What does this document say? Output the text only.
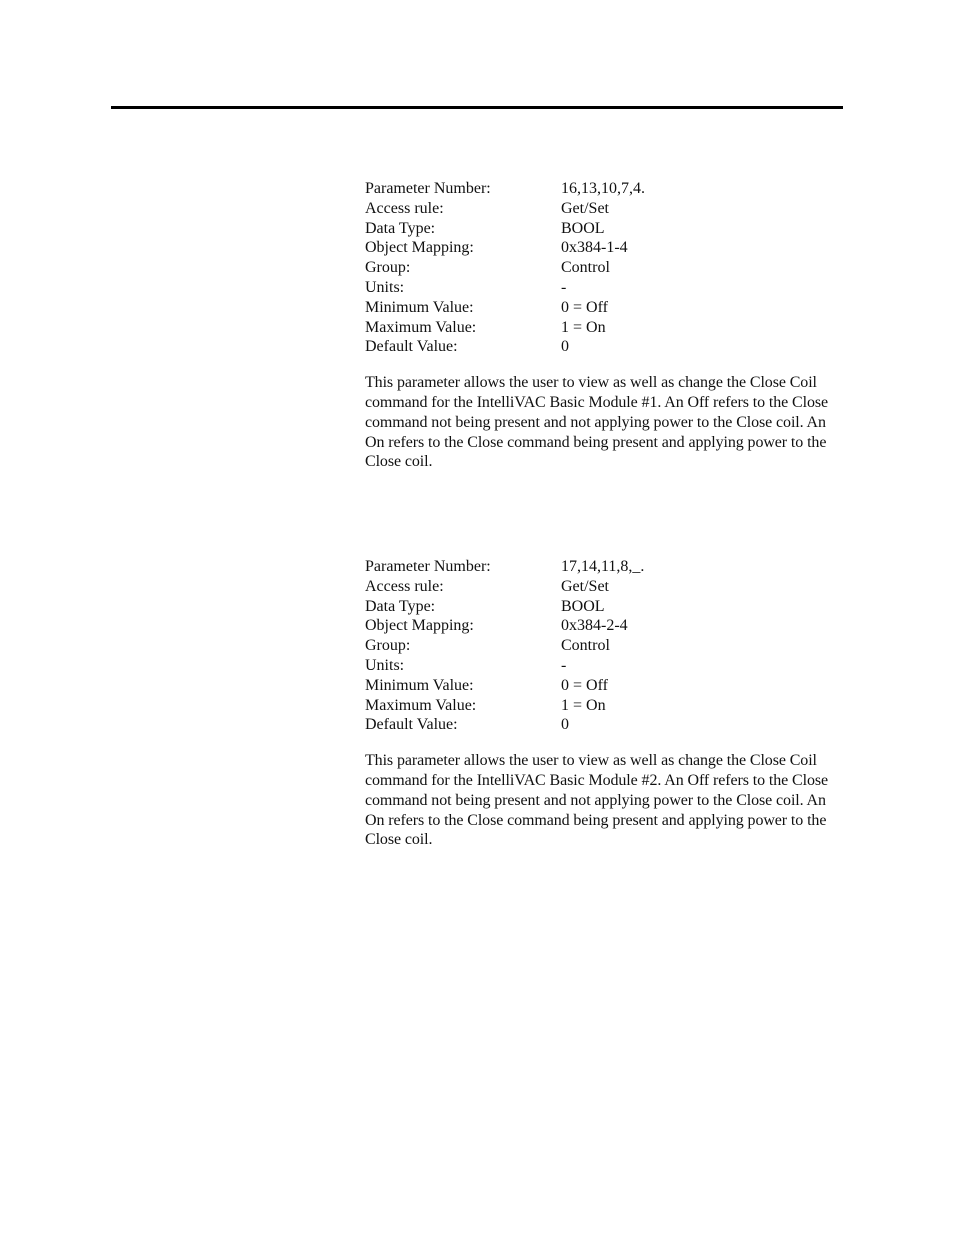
Parameter Number:	16,13,10,7,4.
Access rule:	Get/Set
Data Type:	BOOL
Object Mapping:	0x384-1-4
Group:	Control
Units:	-
Minimum Value:	0 = Off
Maximum Value:	1 = On
Default Value:	0

This parameter allows the user to view as well as change the Close Coil command for the IntelliVAC Basic Module #1. An Off refers to the Close command not being present and not applying power to the Close coil. An On refers to the Close command being present and applying power to the Close coil.

Parameter Number:	17,14,11,8,_.
Access rule:	Get/Set
Data Type:	BOOL
Object Mapping:	0x384-2-4
Group:	Control
Units:	-
Minimum Value:	0 = Off
Maximum Value:	1 = On
Default Value:	0

This parameter allows the user to view as well as change the Close Coil command for the IntelliVAC Basic Module #2. An Off refers to the Close command not being present and not applying power to the Close coil. An On refers to the Close command being present and applying power to the Close coil.
